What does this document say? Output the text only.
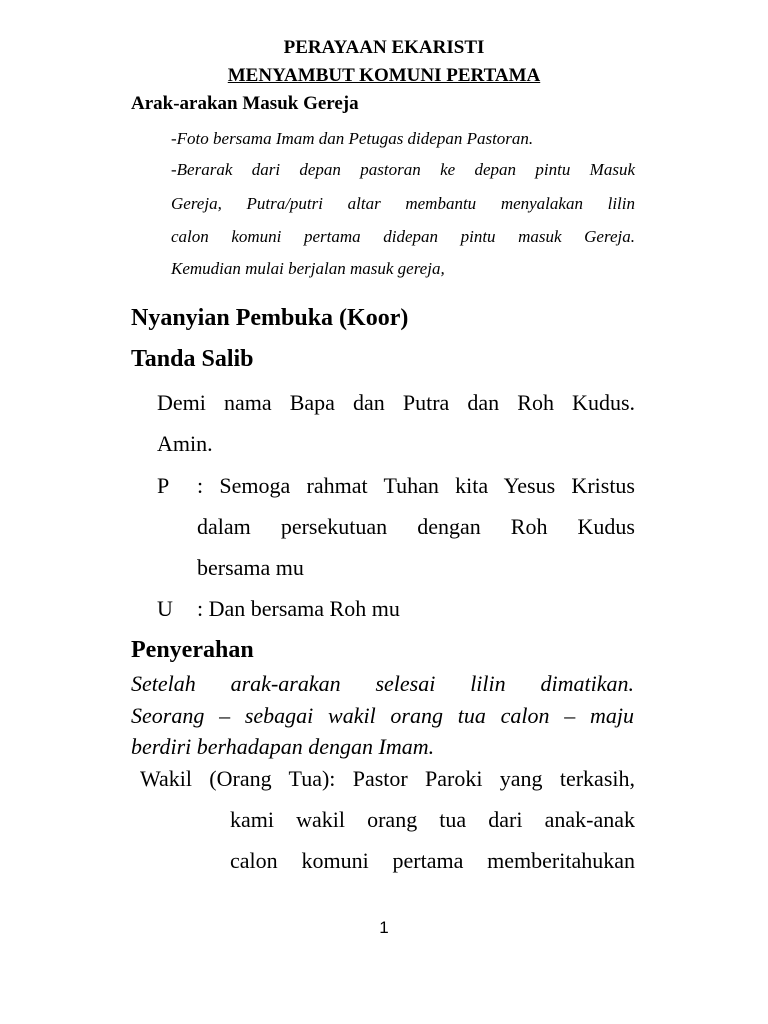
PERAYAAN EKARISTI
MENYAMBUT KOMUNI PERTAMA
Arak-arakan Masuk Gereja
-Foto bersama Imam dan Petugas didepan Pastoran.
-Berarak dari depan pastoran ke depan pintu Masuk
Gereja, Putra/putri altar membantu menyalakan lilin
calon komuni pertama didepan pintu masuk Gereja.
Kemudian mulai berjalan masuk gereja,
Nyanyian Pembuka (Koor)
Tanda Salib
Demi nama Bapa dan Putra dan Roh Kudus.
Amin.
P : Semoga rahmat Tuhan kita Yesus Kristus
dalam persekutuan dengan Roh Kudus
bersama mu
U : Dan bersama Roh mu
Penyerahan
Setelah arak-arakan selesai lilin dimatikan.
Seorang – sebagai wakil orang tua calon – maju
berdiri berhadapan dengan Imam.
Wakil (Orang Tua): Pastor Paroki yang terkasih,
kami wakil orang tua dari anak-anak
calon komuni pertama memberitahukan
1
